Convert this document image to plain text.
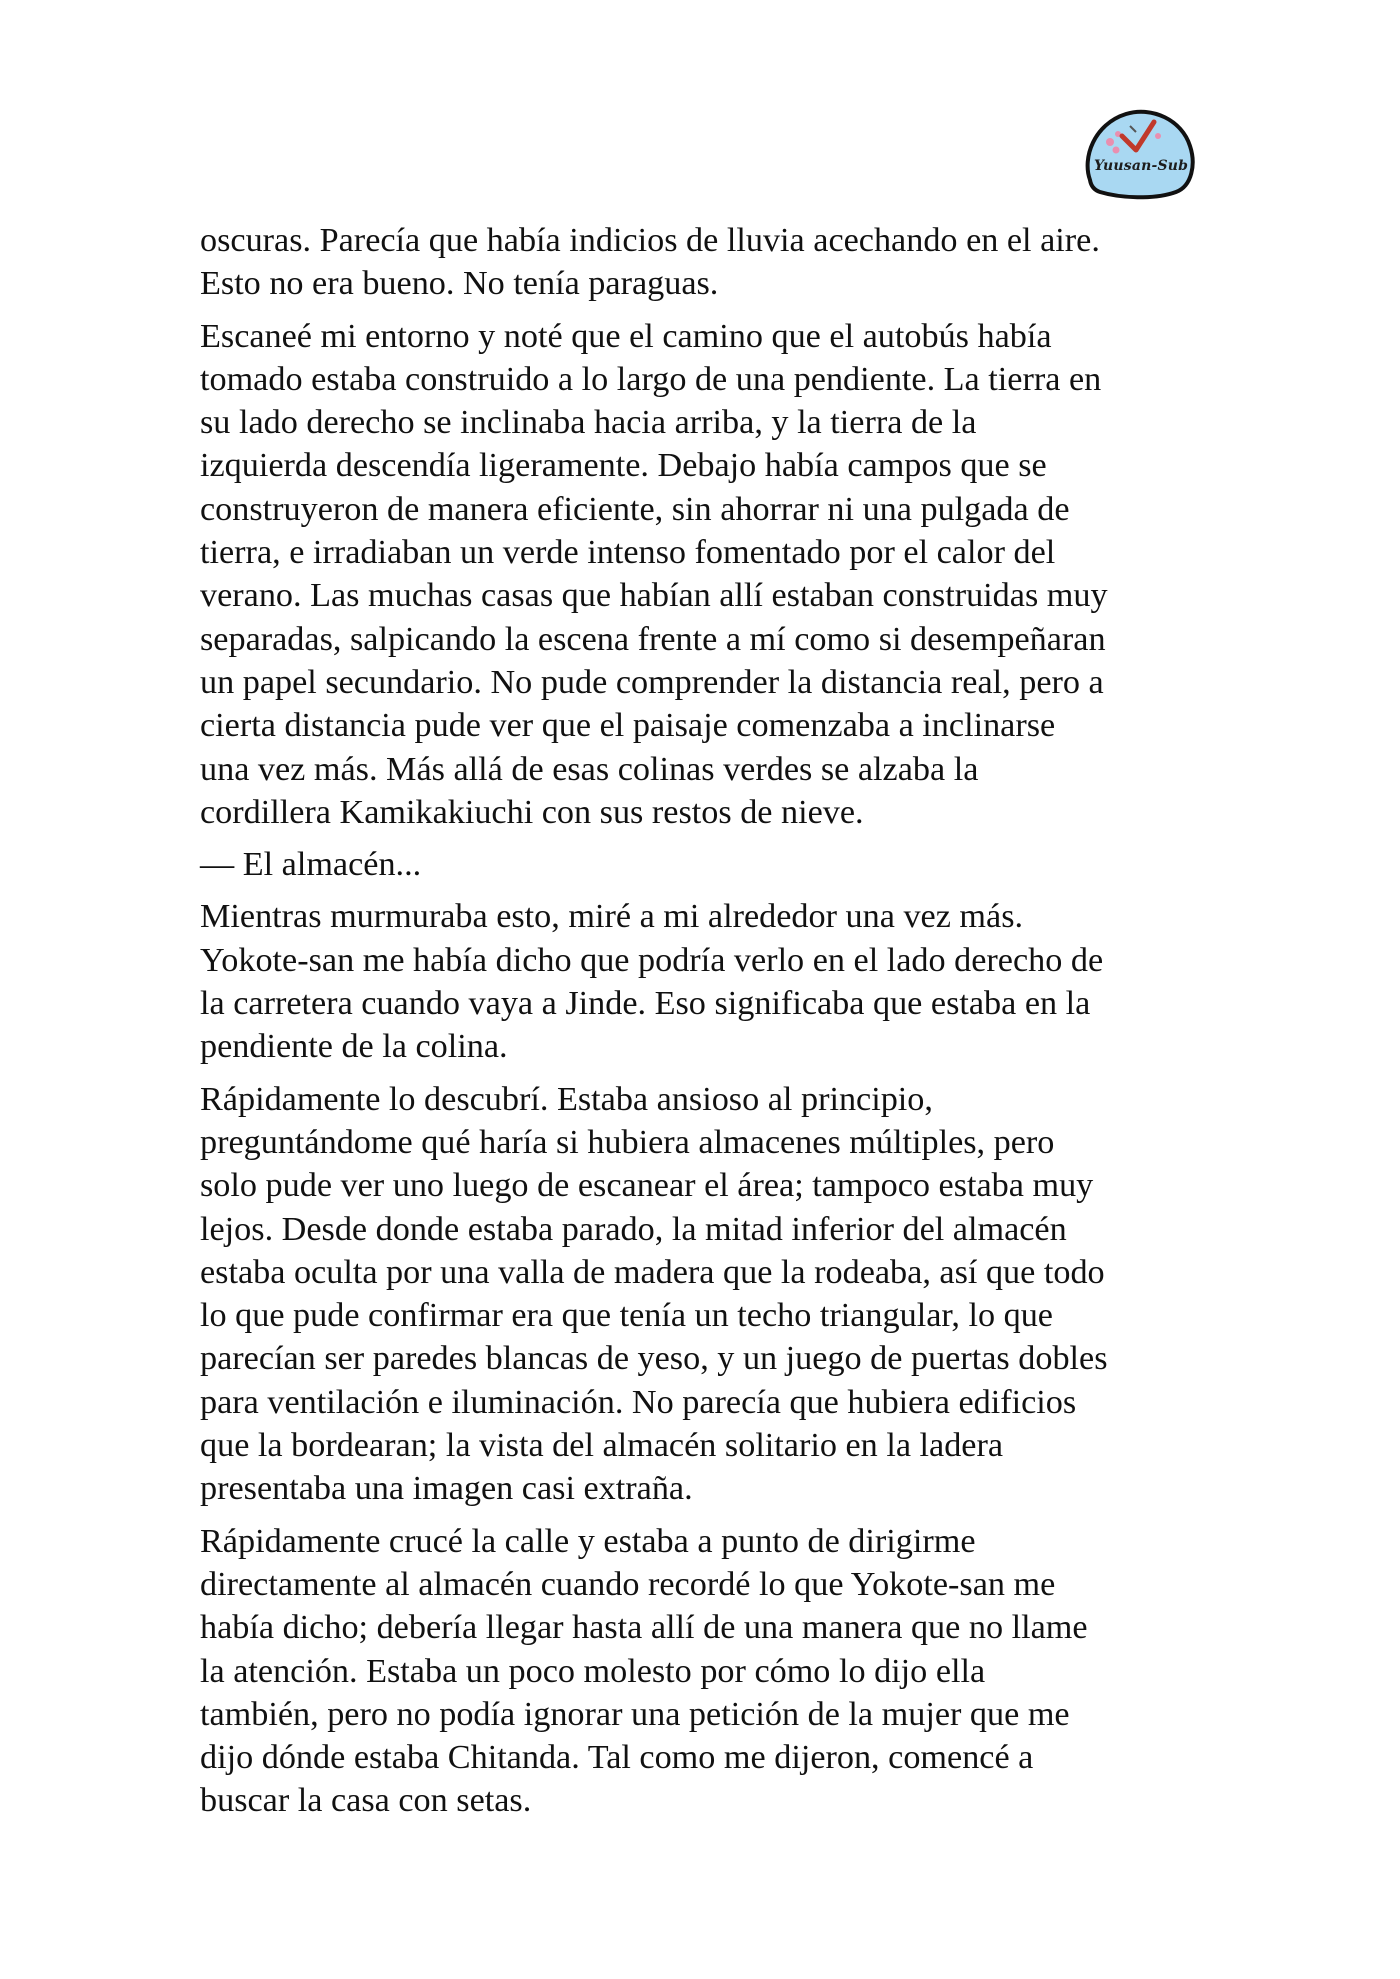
Yuusan-Sub

oscuras. Parecía que había indicios de lluvia acechando en el aire.
Esto no era bueno. No tenía paraguas.

Escaneé mi entorno y noté que el camino que el autobús había
tomado estaba construido a lo largo de una pendiente. La tierra en
su lado derecho se inclinaba hacia arriba, y la tierra de la
izquierda descendía ligeramente. Debajo había campos que se
construyeron de manera eficiente, sin ahorrar ni una pulgada de
tierra, e irradiaban un verde intenso fomentado por el calor del
verano. Las muchas casas que habían allí estaban construidas muy
separadas, salpicando la escena frente a mí como si desempeñaran
un papel secundario. No pude comprender la distancia real, pero a
cierta distancia pude ver que el paisaje comenzaba a inclinarse
una vez más. Más allá de esas colinas verdes se alzaba la
cordillera Kamikakiuchi con sus restos de nieve.

— El almacén...

Mientras murmuraba esto, miré a mi alrededor una vez más.
Yokote-san me había dicho que podría verlo en el lado derecho de
la carretera cuando vaya a Jinde. Eso significaba que estaba en la
pendiente de la colina.

Rápidamente lo descubrí. Estaba ansioso al principio,
preguntándome qué haría si hubiera almacenes múltiples, pero
solo pude ver uno luego de escanear el área; tampoco estaba muy
lejos. Desde donde estaba parado, la mitad inferior del almacén
estaba oculta por una valla de madera que la rodeaba, así que todo
lo que pude confirmar era que tenía un techo triangular, lo que
parecían ser paredes blancas de yeso, y un juego de puertas dobles
para ventilación e iluminación. No parecía que hubiera edificios
que la bordearan; la vista del almacén solitario en la ladera
presentaba una imagen casi extraña.

Rápidamente crucé la calle y estaba a punto de dirigirme
directamente al almacén cuando recordé lo que Yokote-san me
había dicho; debería llegar hasta allí de una manera que no llame
la atención. Estaba un poco molesto por cómo lo dijo ella
también, pero no podía ignorar una petición de la mujer que me
dijo dónde estaba Chitanda. Tal como me dijeron, comencé a
buscar la casa con setas.
